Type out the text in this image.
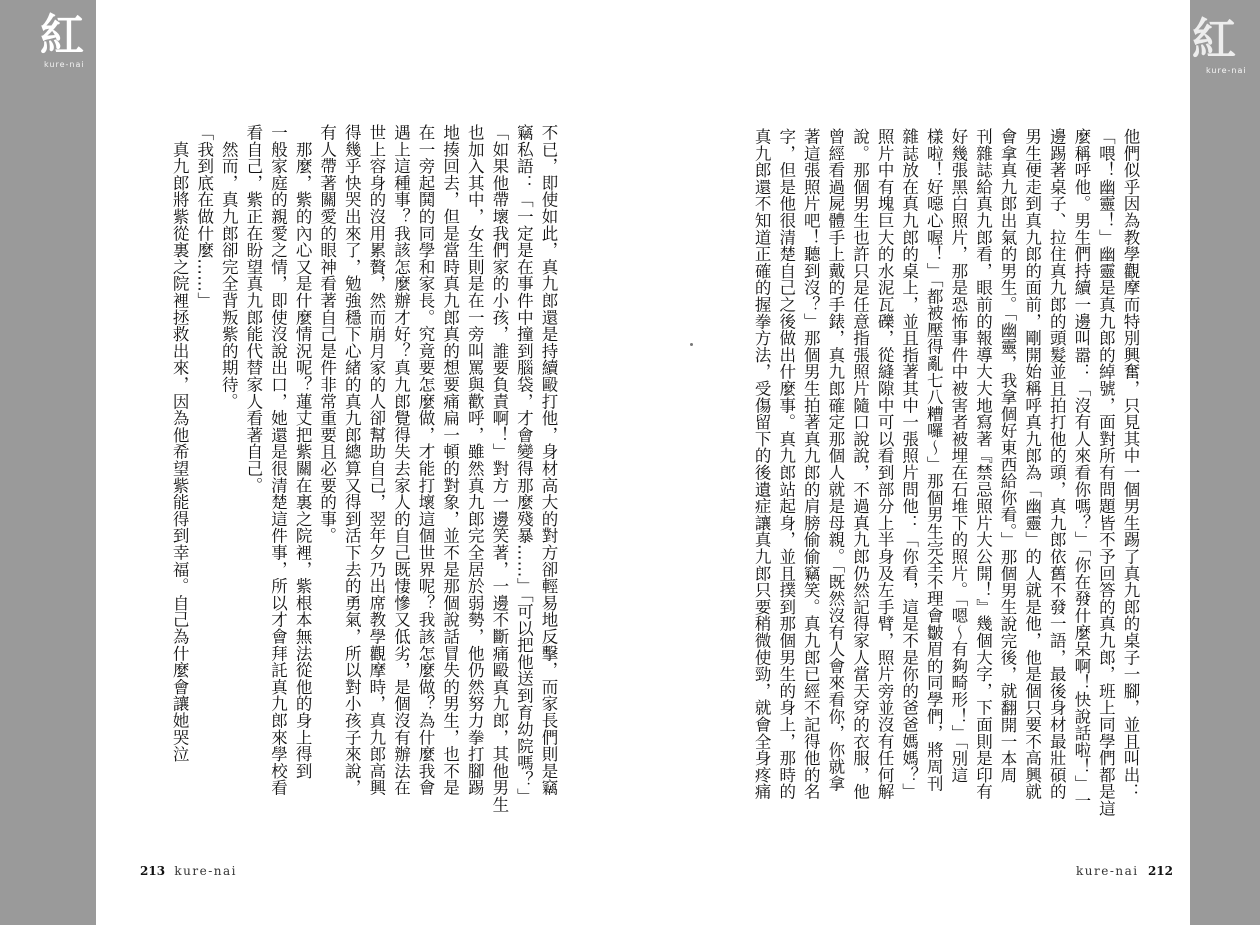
紅
kure-nai	紅
kure-nai
他們似乎因為教學觀摩而特別興奮，只見其中一個男生踢了真九郎的桌子一腳，並且叫出：
「喂！幽靈！」幽靈是真九郎的綽號，面對所有問題皆不予回答的真九郎，班上同學們都是這
麼稱呼他。男生們持續一邊叫嚣：「沒有人來看你嗎？」「你在發什麼呆啊！快說話啦！」一
邊踢著桌子、拉住真九郎的頭髮並且拍打他的頭，真九郎依舊不發一語，最後身材最壯碩的
男生便走到真九郎的面前，剛開始稱呼真九郎為「幽靈」的人就是他，他是個只要不高興就
會拿真九郎出氣的男生。「幽靈，我拿個好東西給你看。」那個男生說完後，就翻開一本周
刊雜誌給真九郎看，眼前的報導大大地寫著『禁忌照片大公開！』幾個大字，下面則是印有
好幾張黑白照片，那是恐怖事件中被害者被埋在石堆下的照片。「嗯～有夠畸形！」「別這
樣啦！好噁心喔！」「都被壓得亂七八糟囉～」那個男生完全不理會皺眉的同學們，將周刊
雜誌放在真九郎的桌上，並且指著其中一張照片問他：「你看，這是不是你的爸爸媽媽？」
照片中有塊巨大的水泥瓦礫，從縫隙中可以看到部分上半身及左手臂，照片旁並沒有任何解
說。那個男生也許只是任意指張照片隨口說說，不過真九郎仍然記得家人當天穿的衣服，他
曾經看過屍體手上戴的手錶，真九郎確定那個人就是母親。「既然沒有人會來看你，你就拿
著這張照片吧！聽到沒？」那個男生拍著真九郎的肩膀偷偷竊笑。真九郎已經不記得他的名
字，但是他很清楚自己之後做出什麼事。真九郎站起身，並且撲到那個男生的身上，那時的
真九郎還不知道正確的握拳方法，受傷留下的後遺症讓真九郎只要稍微使勁，就會全身疼痛
不已，即使如此，真九郎還是持續毆打他，身材高大的對方卻輕易地反擊，而家長們則是竊
竊私語：「一定是在事件中撞到腦袋，才會變得那麼殘暴……」「可以把他送到育幼院嗎？」
「如果他帶壞我們家的小孩，誰要負責啊！」對方一邊笑著，一邊不斷痛毆真九郎，其他男生
也加入其中，女生則是在一旁叫罵與歡呼，雖然真九郎完全居於弱勢，他仍然努力拳打腳踢
地揍回去，但是當時真九郎真的想要痛扁一頓的對象，並不是那個說話冒失的男生，也不是
在一旁起鬨的同學和家長。究竟要怎麼做，才能打壞這個世界呢？我該怎麼做？為什麼我會
遇上這種事？我該怎麼辦才好？真九郎覺得失去家人的自己既悽慘又低劣，是個沒有辦法在
世上容身的沒用累贅，然而崩月家的人卻幫助自己，翌年夕乃出席教學觀摩時，真九郎高興
得幾乎快哭出來了，勉強穩下心緒的真九郎總算又得到活下去的勇氣，所以對小孩子來說，
有人帶著關愛的眼神看著自己是件非常重要且必要的事。
　那麼，紫的內心又是什麼情況呢？蓮丈把紫關在裏之院裡，紫根本無法從他的身上得到
一般家庭的親愛之情，即使沒說出口，她還是很清楚這件事，所以才會拜託真九郎來學校看
看自己，紫正在盼望真九郎能代替家人看著自己。
　然而，真九郎卻完全背叛紫的期待。
「我到底在做什麼……」
　真九郎將紫從裏之院裡拯救出來，因為他希望紫能得到幸福。自己為什麼會讓她哭泣
213 kure-nai	kure-nai 212
